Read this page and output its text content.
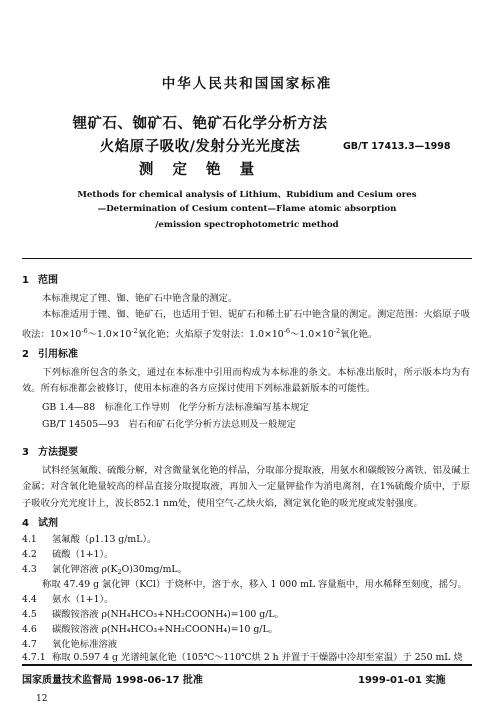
中华人民共和国国家标准
锂矿石、铷矿石、铯矿石化学分析方法
火焰原子吸收/发射分光光度法
测 定 铯 量
GB/T 17413.3—1998
Methods for chemical analysis of Lithium、Rubidium and Cesium ores
—Determination of Cesium content—Flame atomic absorption
/emission spectrophotometric method
1 范围
本标准规定了锂、铷、铯矿石中铯含量的测定。
本标准适用于锂、铷、铯矿石，也适用于钽、铌矿石和稀土矿石中铯含量的测定。测定范围：火焰原子吸收法：$10\times 10^{-6}\sim 1.0\times 10^{-2}$氧化铯；火焰原子发射法：$1.0\times 10^{-6}\sim 1.0\times 10^{-2}$氧化铯。
2 引用标准
下列标准所包含的条文，通过在本标准中引用而构成为本标准的条文。本标准出版时，所示版本均为有效。所有标准都会被修订，使用本标准的各方应探讨使用下列标准最新版本的可能性。
GB 1.4—88　标准化工作导则　化学分析方法标准编写基本规定
GB/T 14505—93　岩石和矿石化学分析方法总则及一般规定
3 方法提要
试料经氢氟酸、硫酸分解，对含微量氧化铯的样品，分取部分提取液，用氨水和碳酸铵分离铁、铝及碱土金属；对含氧化铯量较高的样品直接分取提取液，再加入一定量钾盐作为消电离剂，在1%硫酸介质中，于原子吸收分光光度计上，波长852.1 nm处，使用空气-乙炔火焰，测定氧化铯的吸光度或发射强度。
4 试剂
4.1 氢氟酸（ρ1.13 g/mL）。
4.2 硫酸（1+1）。
4.3 氯化钾溶液 $\rho(K_2O)30mg/mL$。
称取 47.49 g 氯化钾（KCl）于烧杯中，溶于水，移入 1 000 mL 容量瓶中，用水稀释至刻度，摇匀。
4.4 氨水（1+1）。
4.5 碳酸铵溶液 ρ(NH₄HCO₃+NH₂COONH₄)=100 g/L。
4.6 碳酸铵溶液 ρ(NH₄HCO₃+NH₂COONH₄)=10 g/L。
4.7 氧化铯标准溶液
国家质量技术监督局 1998-06-17 批准	1999-01-01 实施
12
4.7.1 称取 0.597 4 g 光谱纯氯化铯（105℃～110℃烘 2 h 并置于干燥器中冷却至室温）于 250 mL 烧
